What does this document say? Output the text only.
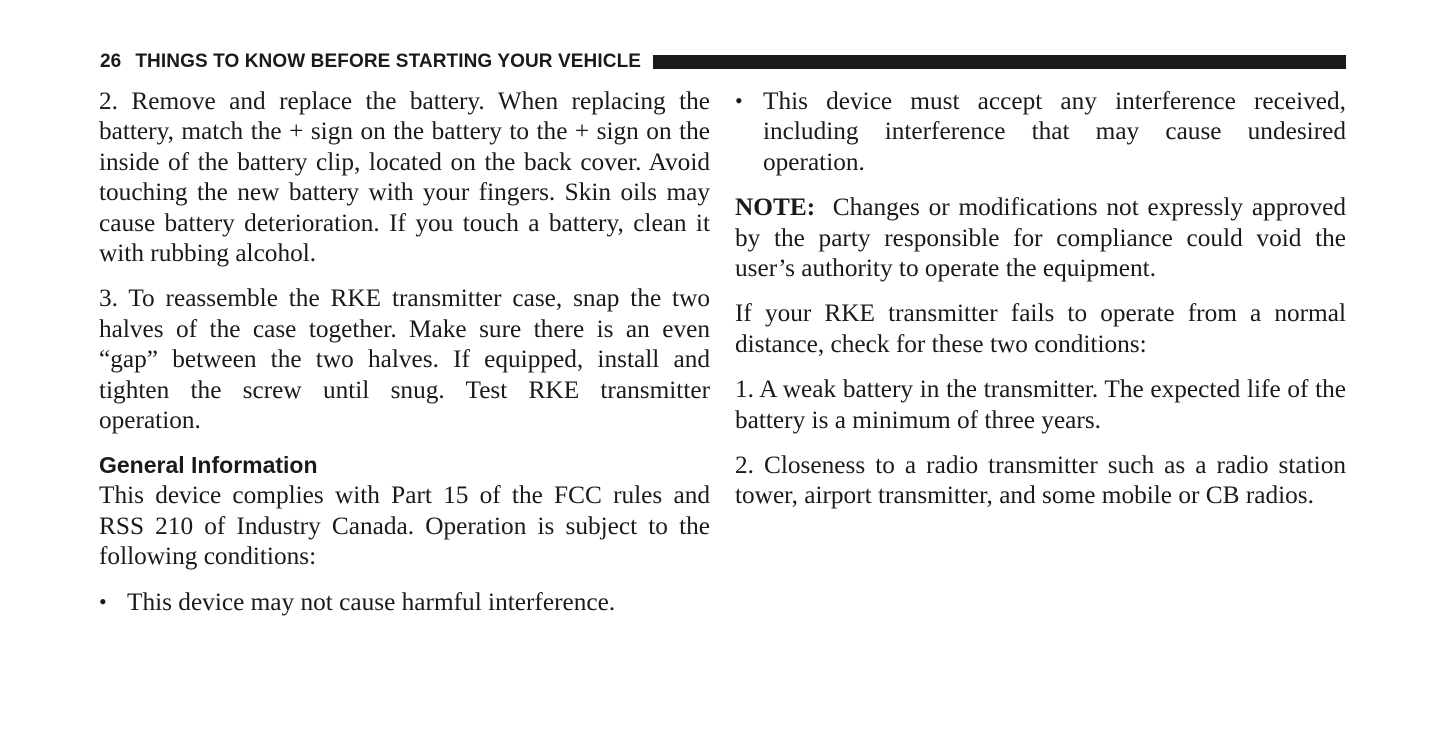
26 THINGS TO KNOW BEFORE STARTING YOUR VEHICLE

2. Remove and replace the battery. When replacing the battery, match the + sign on the battery to the + sign on the inside of the battery clip, located on the back cover. Avoid touching the new battery with your fingers. Skin oils may cause battery deterioration. If you touch a battery, clean it with rubbing alcohol.

3. To reassemble the RKE transmitter case, snap the two halves of the case together. Make sure there is an even “gap” between the two halves. If equipped, install and tighten the screw until snug. Test RKE transmitter operation.

General Information

This device complies with Part 15 of the FCC rules and RSS 210 of Industry Canada. Operation is subject to the following conditions:

• This device may not cause harmful interference.
• This device must accept any interference received, including interference that may cause undesired operation.

NOTE: Changes or modifications not expressly approved by the party responsible for compliance could void the user’s authority to operate the equipment.

If your RKE transmitter fails to operate from a normal distance, check for these two conditions:

1. A weak battery in the transmitter. The expected life of the battery is a minimum of three years.

2. Closeness to a radio transmitter such as a radio station tower, airport transmitter, and some mobile or CB radios.
